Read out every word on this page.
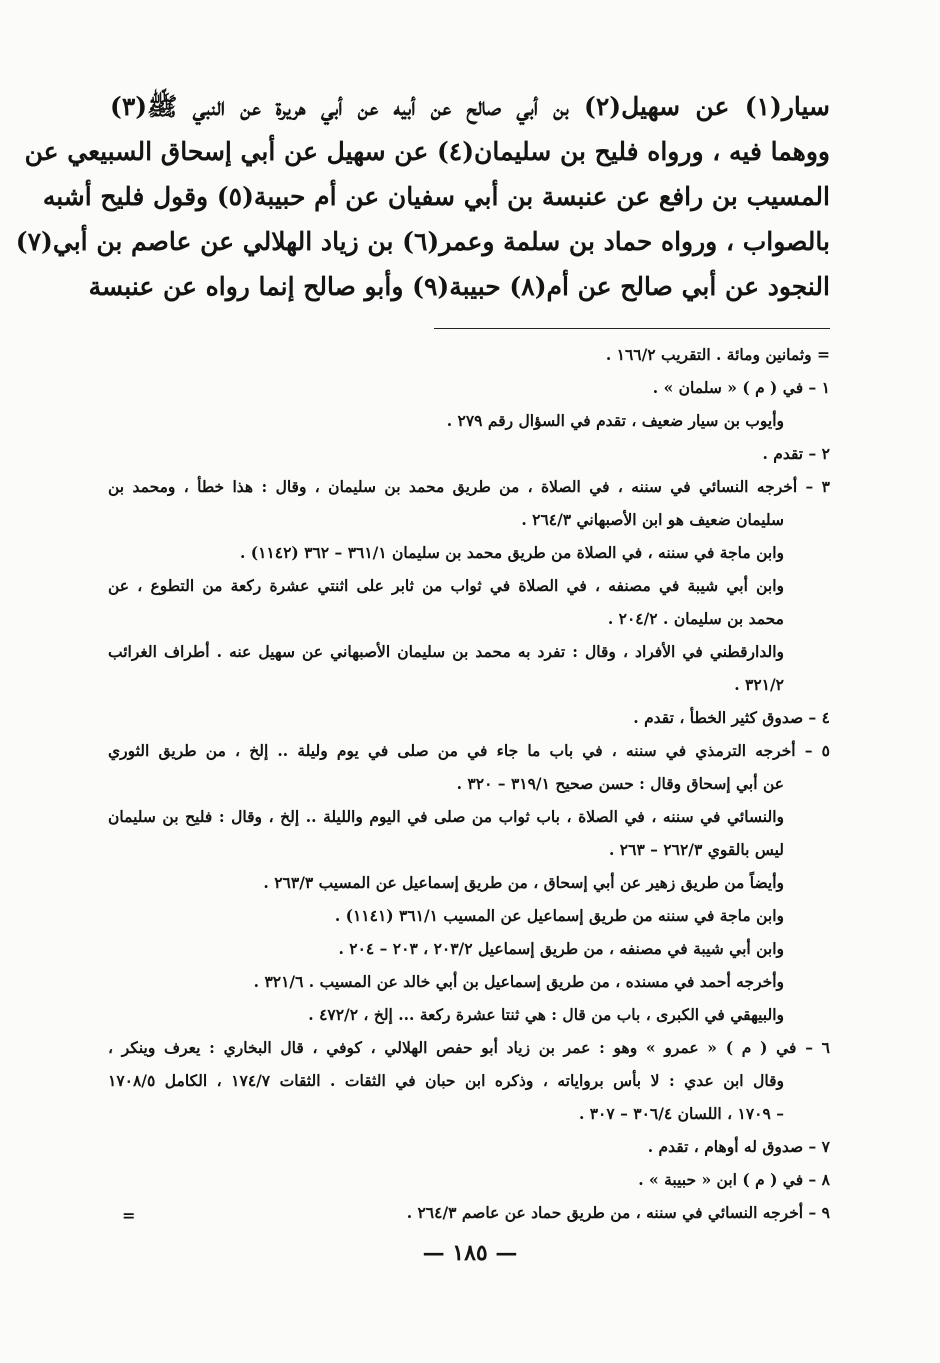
سيار(١) عن سهيل(٢) بن أبي صالح عن أبيه عن أبي هريرة عن النبي ﷺ(٣)
ووهما فيه ، ورواه فليح بن سليمان(٤) عن سهيل عن أبي إسحاق السبيعي عن
المسيب بن رافع عن عنبسة بن أبي سفيان عن أم حبيبة(٥) وقول فليح أشبه
بالصواب ، ورواه حماد بن سلمة وعمر(٦) بن زياد الهلالي عن عاصم بن أبي(٧)
النجود عن أبي صالح عن أم(٨) حبيبة(٩) وأبو صالح إنما رواه عن عنبسة
= وثمانين ومائة . التقريب ١٦٦/٢ .
١ – في ( م ) « سلمان » .
وأيوب بن سيار ضعيف ، تقدم في السؤال رقم ٢٧٩ .
٢ – تقدم .
٣ – أخرجه النسائي في سننه ، في الصلاة ، من طريق محمد بن سليمان ، وقال : هذا خطأ ، ومحمد بن
سليمان ضعيف هو ابن الأصبهاني ٢٦٤/٣ .
وابن ماجة في سننه ، في الصلاة من طريق محمد بن سليمان ٣٦١/١ – ٣٦٢ (١١٤٢) .
وابن أبي شيبة في مصنفه ، في الصلاة في ثواب من ثابر على اثنتي عشرة ركعة من التطوع ، عن
محمد بن سليمان . ٢٠٤/٢ .
والدارقطني في الأفراد ، وقال : تفرد به محمد بن سليمان الأصبهاني عن سهيل عنه . أطراف الغرائب
٣٢١/٢ .
٤ – صدوق كثير الخطأ ، تقدم .
٥ – أخرجه الترمذي في سننه ، في باب ما جاء في من صلى في يوم وليلة .. إلخ ، من طريق الثوري
عن أبي إسحاق وقال : حسن صحيح ٣١٩/١ – ٣٢٠ .
والنسائي في سننه ، في الصلاة ، باب ثواب من صلى في اليوم والليلة .. إلخ ، وقال : فليح بن سليمان
ليس بالقوي ٢٦٢/٣ – ٢٦٣ .
وأيضاً من طريق زهير عن أبي إسحاق ، من طريق إسماعيل عن المسيب ٢٦٣/٣ .
وابن ماجة في سننه من طريق إسماعيل عن المسيب ٣٦١/١ (١١٤١) .
وابن أبي شيبة في مصنفه ، من طريق إسماعيل ٢٠٣/٢ ، ٢٠٣ – ٢٠٤ .
وأخرجه أحمد في مسنده ، من طريق إسماعيل بن أبي خالد عن المسيب . ٣٢١/٦ .
والبيهقي في الكبرى ، باب من قال : هي ثنتا عشرة ركعة ... إلخ ، ٤٧٢/٢ .
٦ – في ( م ) « عمرو » وهو : عمر بن زياد أبو حفص الهلالي ، كوفي ، قال البخاري : يعرف وينكر ،
وقال ابن عدي : لا بأس برواياته ، وذكره ابن حبان في الثقات . الثقات ١٧٤/٧ ، الكامل ١٧٠٨/٥
– ١٧٠٩ ، اللسان ٣٠٦/٤ – ٣٠٧ .
٧ – صدوق له أوهام ، تقدم .
٨ – في ( م ) ابن « حبيبة » .
٩ – أخرجه النسائي في سننه ، من طريق حماد عن عاصم ٢٦٤/٣ .
=
— ١٨٥ —
